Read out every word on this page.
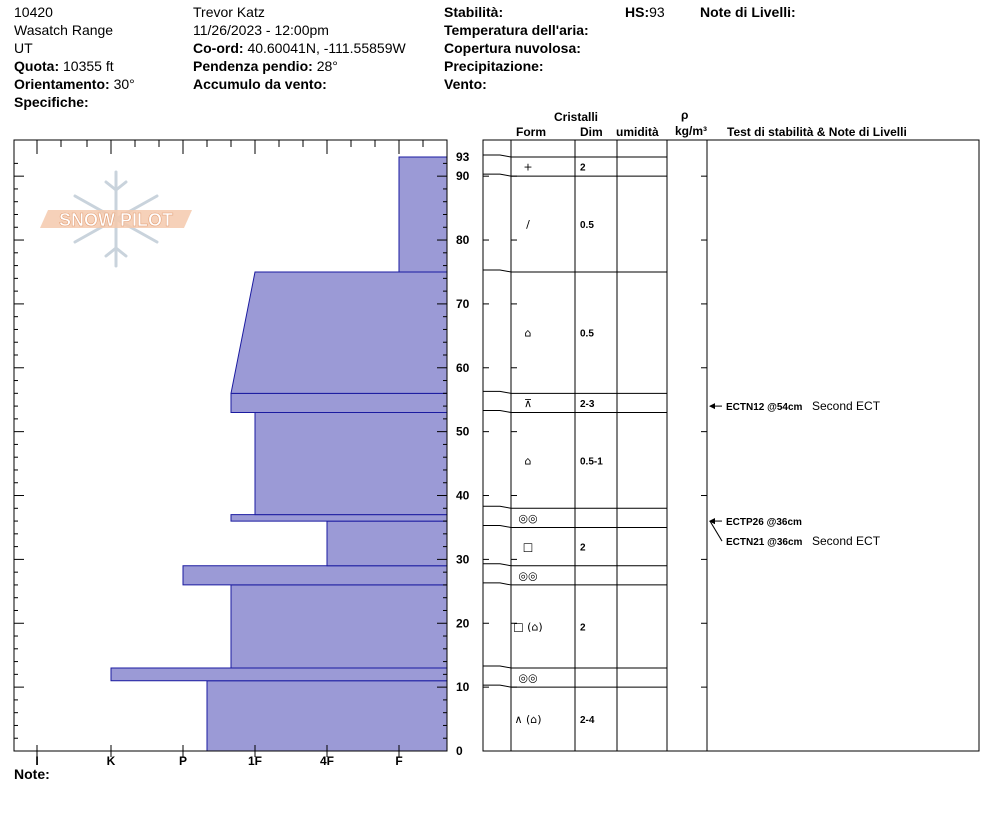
10420
Wasatch Range
UT
Quota: 10355 ft
Orientamento: 30°
Specifiche:
Trevor Katz
11/26/2023 - 12:00pm
Co-ord: 40.60041N, -111.55859W
Pendenza pendio: 28°
Accumulo da vento:
Stabilità:
Temperatura dell'aria:
Copertura nuvolosa:
Precipitazione:
Vento:
HS:93	Note di Livelli:
Cristalli
Form	Dim umidità
ρ
kg/m³ Test di stabilità & Note di Livelli
Note:
SNOW PILOT
I	K	P	1F	4F	F
0
10
20
30
40
50
60
70
80
90
93
+	2
/	0.5
⌂	0.5
⊼	2-3
⌂	0.5-1
◎◎
□	2
◎◎
□ (⌂)	2
◎◎
∧ (⌂)	2-4
ECTN12 @54cm Second ECT
ECTP26 @36cm
ECTN21 @36cm Second ECT
